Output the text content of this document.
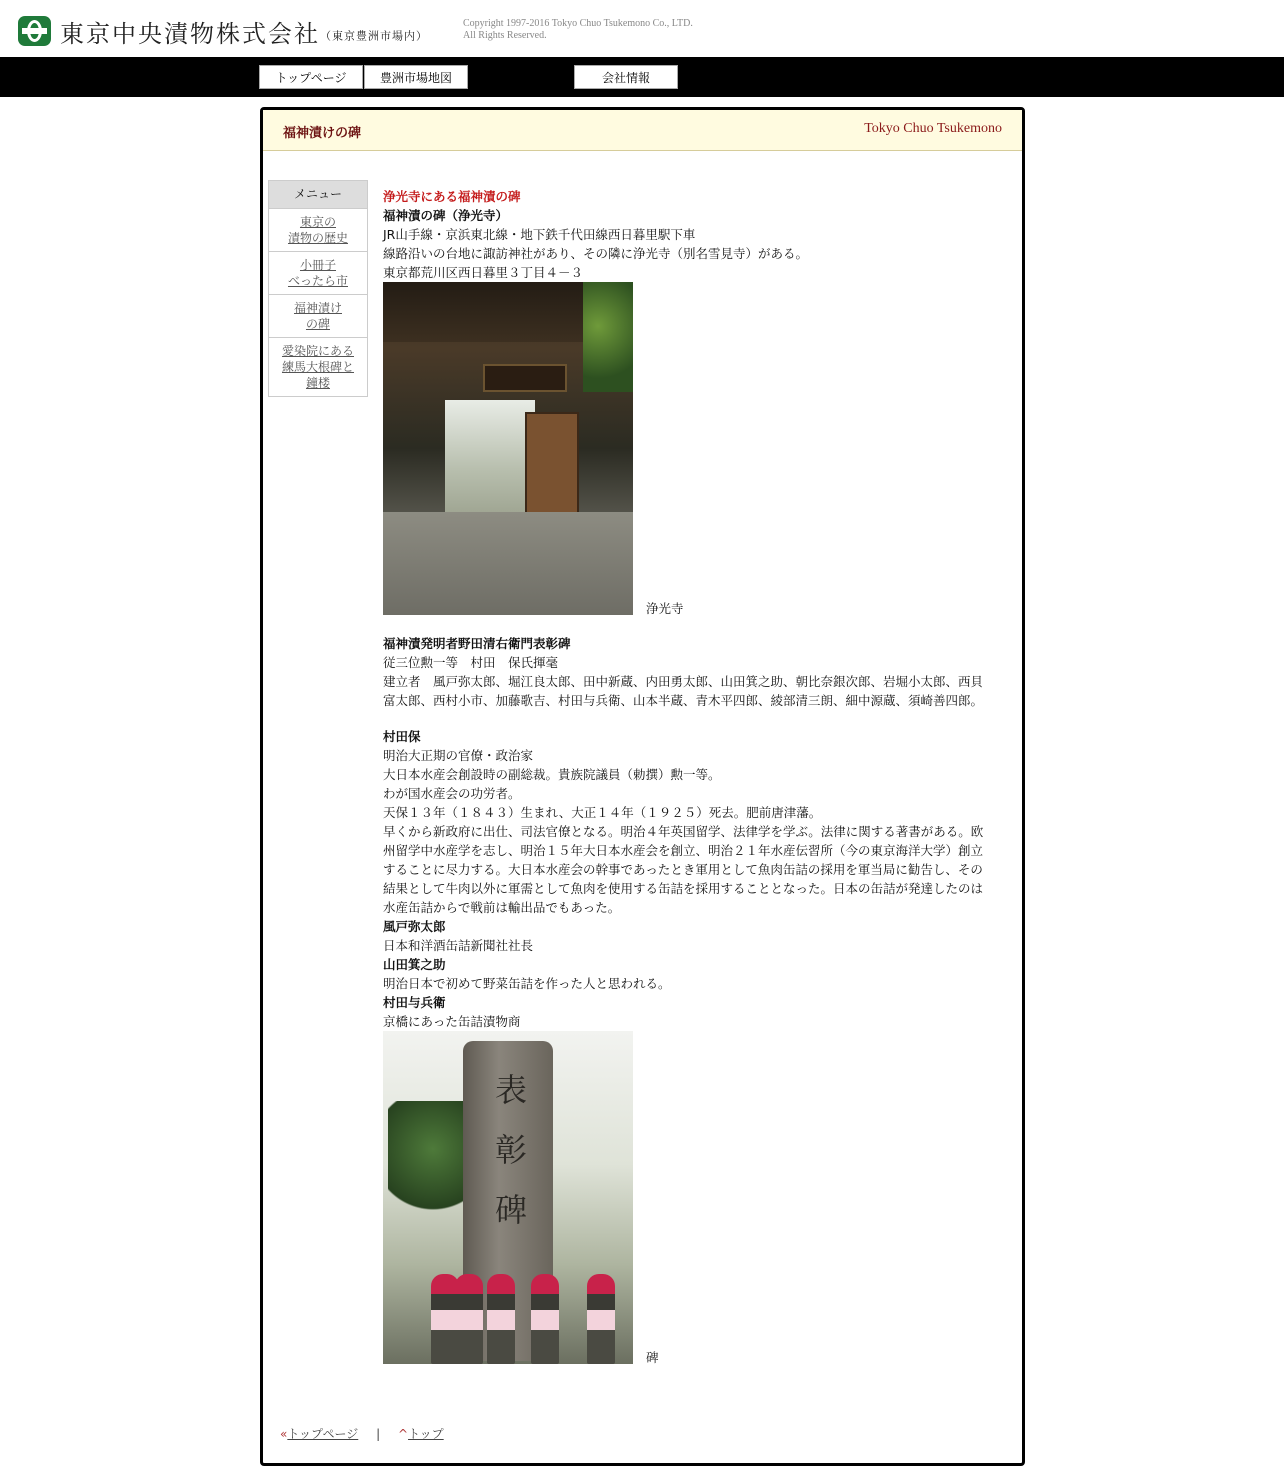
東京中央漬物株式会社（東京豊洲市場内）
Copyright 1997-2016 Tokyo Chuo Tsukemono Co., LTD.
All Rights Reserved.
トップページ	豊洲市場地図	会社情報
福神漬けの碑	Tokyo Chuo Tsukemono
メニュー
東京の
漬物の歴史
小冊子
べったら市
福神漬け
の碑
愛染院にある
練馬大根碑と
鐘楼
浄光寺にある福神漬の碑
福神漬の碑（浄光寺）
JR山手線・京浜東北線・地下鉄千代田線西日暮里駅下車
線路沿いの台地に諏訪神社があり、その隣に浄光寺（別名雪見寺）がある。
東京都荒川区西日暮里３丁目４－３
浄光寺
福神漬発明者野田清右衛門表彰碑
従三位勲一等　村田　保氏揮毫
建立者　風戸弥太郎、堀江良太郎、田中新蔵、内田勇太郎、山田箕之助、朝比奈銀次郎、岩堀小太郎、西貝富太郎、西村小市、加藤歌吉、村田与兵衛、山本半蔵、青木平四郎、綾部清三朗、細中源蔵、須崎善四郎。
村田保
明治大正期の官僚・政治家
大日本水産会創設時の副総裁。貴族院議員（勅撰）勲一等。
わが国水産会の功労者。
天保１３年（１８４３）生まれ、大正１４年（１９２５）死去。肥前唐津藩。
早くから新政府に出仕、司法官僚となる。明治４年英国留学、法律学を学ぶ。法律に関する著書がある。欧州留学中水産学を志し、明治１５年大日本水産会を創立、明治２１年水産伝習所（今の東京海洋大学）創立することに尽力する。大日本水産会の幹事であったとき軍用として魚肉缶詰の採用を軍当局に勧告し、その結果として牛肉以外に軍需として魚肉を使用する缶詰を採用することとなった。日本の缶詰が発達したのは水産缶詰からで戦前は輸出品でもあった。
風戸弥太郎
日本和洋酒缶詰新聞社社長
山田箕之助
明治日本で初めて野菜缶詰を作った人と思われる。
村田与兵衛
京橋にあった缶詰漬物商
表
彰
碑
碑
«トップページ | ^トップ
